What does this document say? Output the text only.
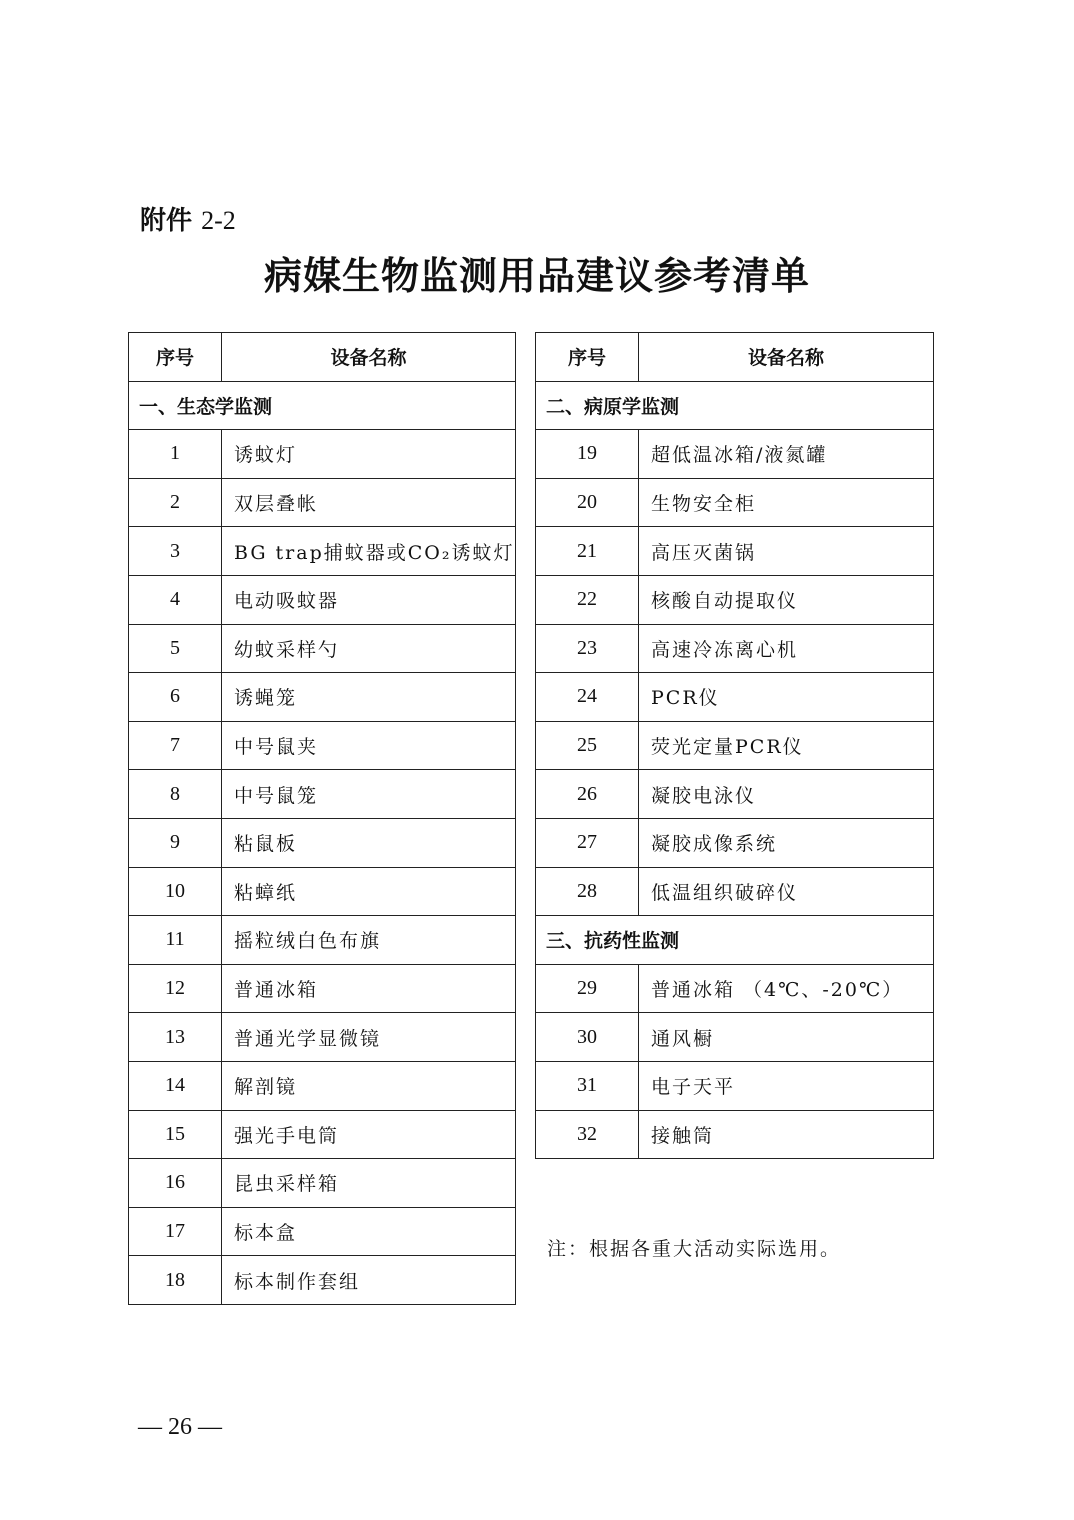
附件 2-2
病媒生物监测用品建议参考清单
序号	设备名称
一、生态学监测	
1	诱蚊灯
2	双层叠帐
3	BG trap捕蚊器或CO₂诱蚊灯
4	电动吸蚊器
5	幼蚊采样勺
6	诱蝇笼
7	中号鼠夹
8	中号鼠笼
9	粘鼠板
10	粘蟑纸
11	摇粒绒白色布旗
12	普通冰箱
13	普通光学显微镜
14	解剖镜
15	强光手电筒
16	昆虫采样箱
17	标本盒
18	标本制作套组
序号	设备名称
二、病原学监测	
19	超低温冰箱/液氮罐
20	生物安全柜
21	高压灭菌锅
22	核酸自动提取仪
23	高速冷冻离心机
24	PCR仪
25	荧光定量PCR仪
26	凝胶电泳仪
27	凝胶成像系统
28	低温组织破碎仪
三、抗药性监测	
29	普通冰箱 （4℃、-20℃）
30	通风橱
31	电子天平
32	接触筒
注：根据各重大活动实际选用。
— 26 —
